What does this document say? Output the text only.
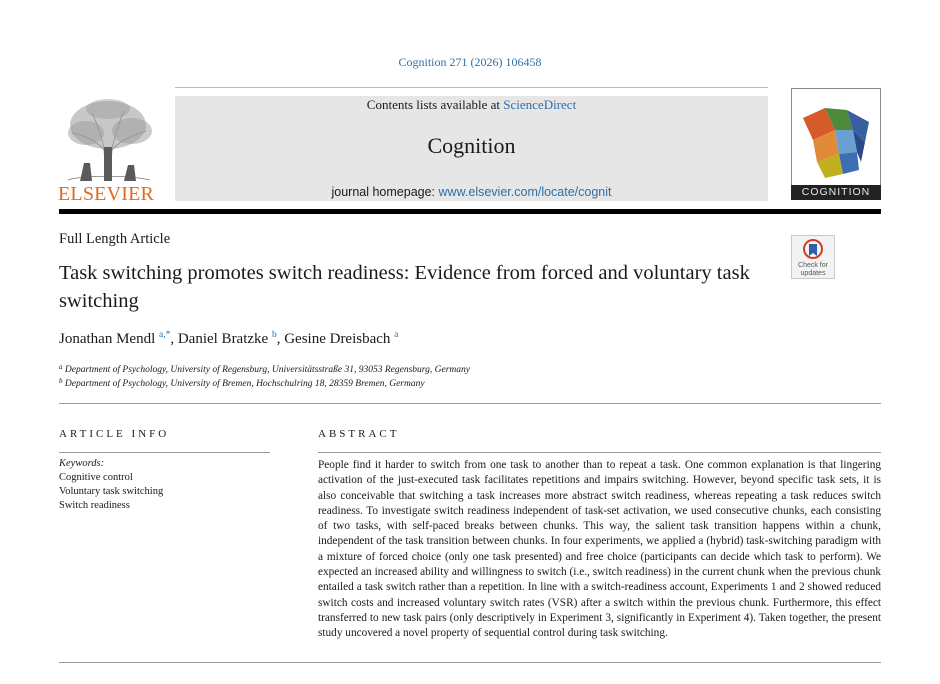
Cognition 271 (2026) 106458
ELSEVIER
Contents lists available at ScienceDirect
Cognition
journal homepage: www.elsevier.com/locate/cognit	COGNITION
Full Length Article
Task switching promotes switch readiness: Evidence from forced and voluntary task switching
Check for
updates
Jonathan Mendl $^{a,*}$, Daniel Bratzke $^b$, Gesine Dreisbach $^a$
$^a$ Department of Psychology, University of Regensburg, Universitätsstraße 31, 93053 Regensburg, Germany
$^b$ Department of Psychology, University of Bremen, Hochschulring 18, 28359 Bremen, Germany
ARTICLE INFO	ABSTRACT
Keywords:
Cognitive control
Voluntary task switching
Switch readiness
People find it harder to switch from one task to another than to repeat a task. One common explanation is that lingering activation of the just-executed task facilitates repetitions and impairs switching. However, beyond specific task sets, it is also conceivable that switching a task increases more abstract switch readiness, whereas repeating a task reduces switch readiness. To investigate switch readiness independent of task-set activation, we used consecutive chunks, each consisting of two tasks, with self-paced breaks between chunks. This way, the salient task transition happens within a chunk, independent of the task transition between chunks. In four experiments, we applied a (hybrid) task-switching paradigm with a mixture of forced choice (only one task presented) and free choice (participants can decide which task to perform). We expected an increased ability and willingness to switch (i.e., switch readiness) in the current chunk when the previous chunk entailed a task switch rather than a repetition. In line with a switch-readiness account, Experiments 1 and 2 showed reduced switch costs and increased voluntary switch rates (VSR) after a switch within the previous chunk. Furthermore, this effect transferred to new task pairs (only descriptively in Experiment 3, significantly in Experiment 4). Taken together, the present study uncovered a novel property of sequential control during task switching.
